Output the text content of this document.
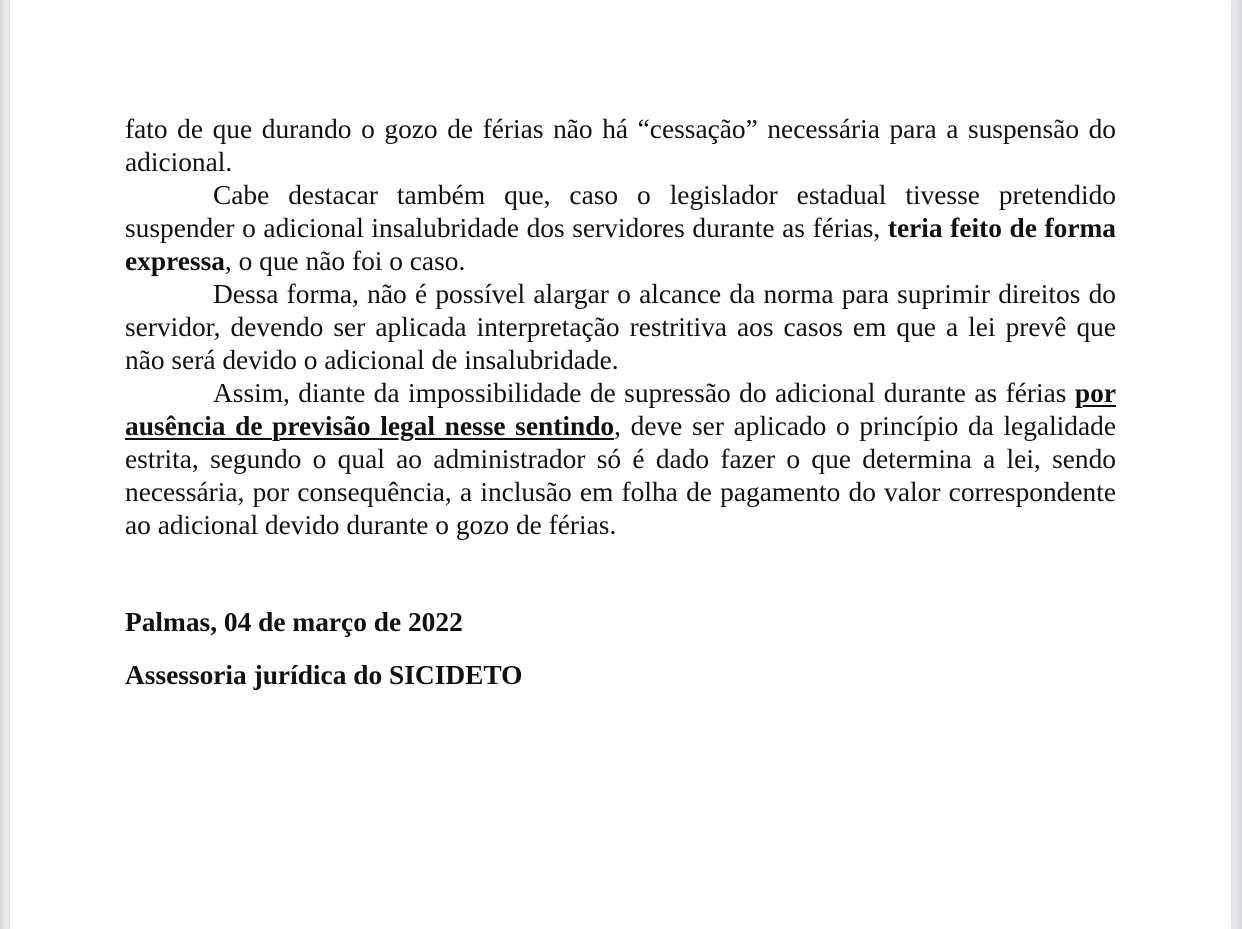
fato de que durando o gozo de férias não há “cessação” necessária para a suspensão do adicional.

Cabe destacar também que, caso o legislador estadual tivesse pretendido suspender o adicional insalubridade dos servidores durante as férias, teria feito de forma expressa, o que não foi o caso.

Dessa forma, não é possível alargar o alcance da norma para suprimir direitos do servidor, devendo ser aplicada interpretação restritiva aos casos em que a lei prevê que não será devido o adicional de insalubridade.

Assim, diante da impossibilidade de supressão do adicional durante as férias por ausência de previsão legal nesse sentindo, deve ser aplicado o princípio da legalidade estrita, segundo o qual ao administrador só é dado fazer o que determina a lei, sendo necessária, por consequência, a inclusão em folha de pagamento do valor correspondente ao adicional devido durante o gozo de férias.

Palmas, 04 de março de 2022

Assessoria jurídica do SICIDETO
